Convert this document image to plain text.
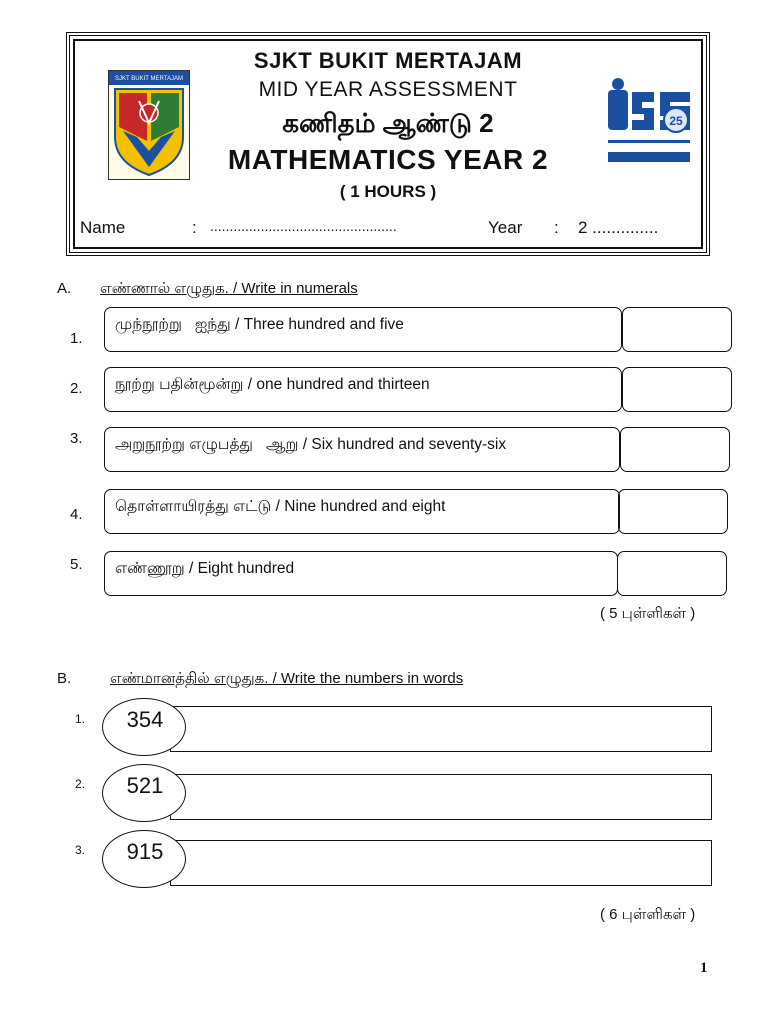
SJKT BUKIT MERTAJAM
MID YEAR ASSESSMENT
கணிதம் ஆண்டு 2
MATHEMATICS YEAR 2
( 1 HOURS )
SJKT BUKIT MERTAJAM
25
Name	: ................................................	Year : 2 ..............
A. எண்ணால் எழுதுக. / Write in numerals
1.
முந்நூற்று   ஐந்து / Three hundred and five
2. நூற்று பதின்மூன்று / one hundred and thirteen
3. அறுநூற்று எழுபத்து   ஆறு / Six hundred and seventy-six
4. தொள்ளாயிரத்து எட்டு / Nine hundred and eight
5. எண்ணூறு / Eight hundred
( 5 புள்ளிகள் )
B.	எண்மானத்தில் எழுதுக. / Write the numbers in words
1.	354
2.	521
3.	915
( 6 புள்ளிகள் )
1
